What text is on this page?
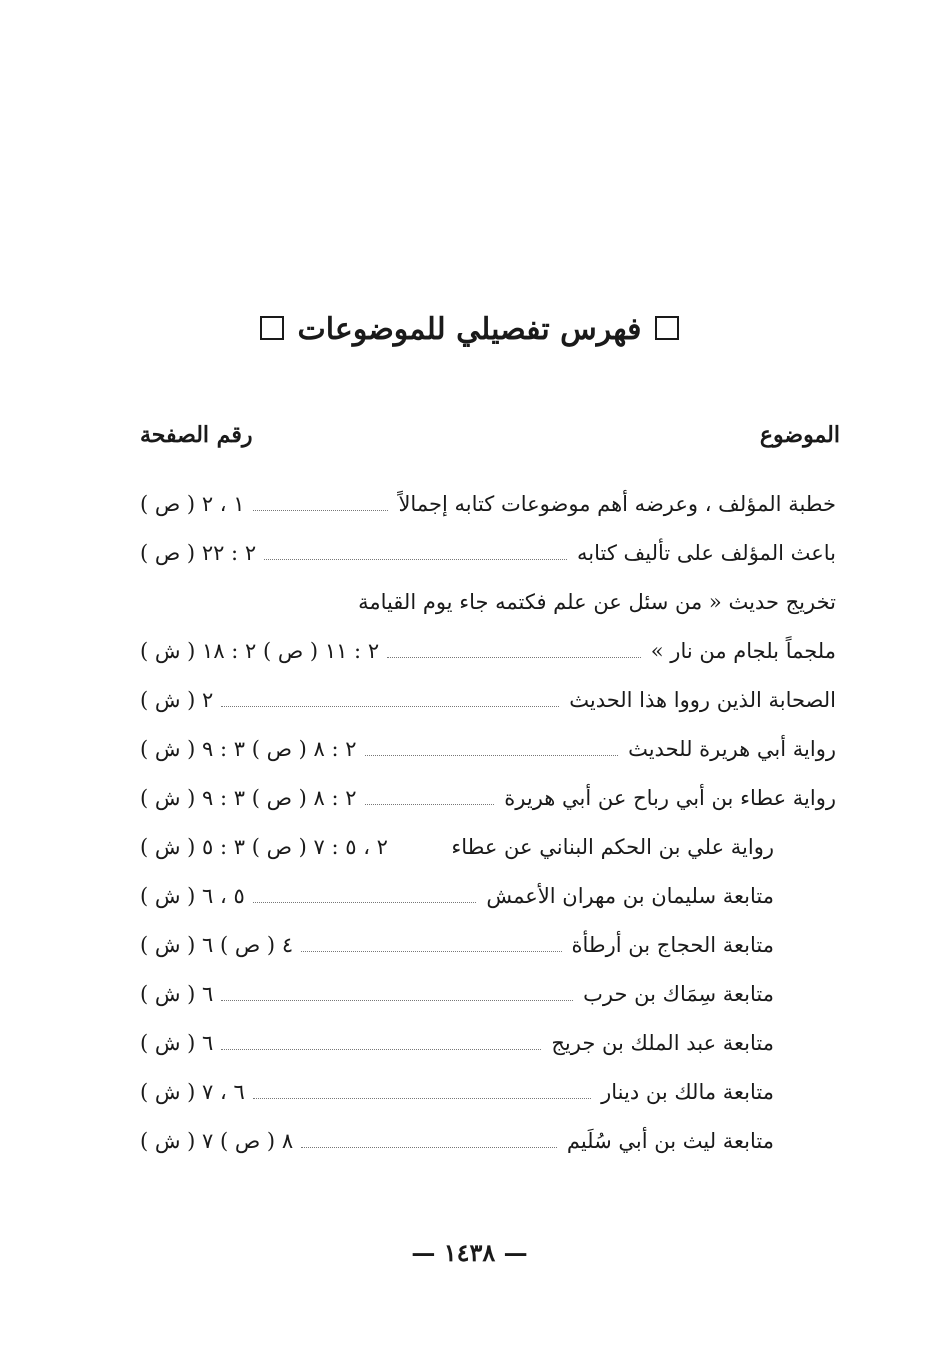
فهرس تفصيلي للموضوعات
الموضوع
رقم الصفحة
خطبة المؤلف ، وعرضه أهم موضوعات كتابه إجمالاً
١ ، ٢ ( ص )
باعث المؤلف على تأليف كتابه
٢ : ٢٢ ( ص )
تخريج حديث « من سئل عن علم فكتمه جاء يوم القيامة
ملجماً بلجام من نار »
٢ : ١١ ( ص ) ٢ : ١٨ ( ش )
الصحابة الذين رووا هذا الحديث
٢ ( ش )
رواية أبي هريرة للحديث
٢ : ٨ ( ص ) ٣ : ٩ ( ش )
رواية عطاء بن أبي رباح عن أبي هريرة
٢ : ٨ ( ص ) ٣ : ٩ ( ش )
رواية علي بن الحكم البناني عن عطاء
٢ ، ٥ : ٧ ( ص ) ٣ : ٥ ( ش )
متابعة سليمان بن مهران الأعمش
٥ ، ٦ ( ش )
متابعة الحجاج بن أرطأة
٤ ( ص ) ٦ ( ش )
متابعة سِمَاك بن حرب
٦ ( ش )
متابعة عبد الملك بن جريج
٦ ( ش )
متابعة مالك بن دينار
٦ ، ٧ ( ش )
متابعة ليث بن أبي سُلَيم
٨ ( ص ) ٧ ( ش )
— ١٤٣٨ —
